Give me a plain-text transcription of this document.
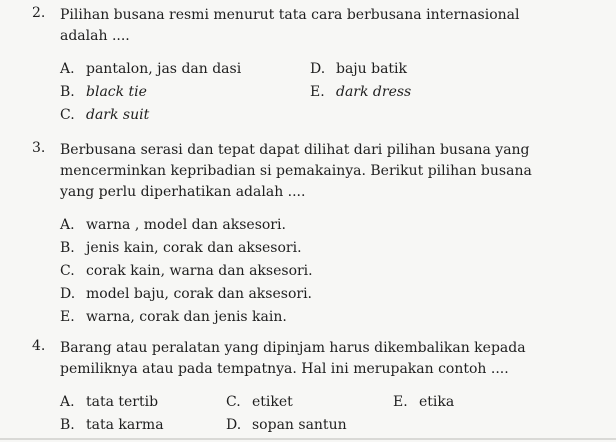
2. Pilihan busana resmi menurut tata cara berbusana internasional
adalah ....
A. pantalon, jas dan dasi	D. baju batik
B. black tie	E. dark dress
C. dark suit
3. Berbusana serasi dan tepat dapat dilihat dari pilihan busana yang
mencerminkan kepribadian si pemakainya. Berikut pilihan busana
yang perlu diperhatikan adalah ....
A. warna , model dan aksesori.
B. jenis kain, corak dan aksesori.
C. corak kain, warna dan aksesori.
D. model baju, corak dan aksesori.
E. warna, corak dan jenis kain.
4. Barang atau peralatan yang dipinjam harus dikembalikan kepada
pemiliknya atau pada tempatnya. Hal ini merupakan contoh ....
A. tata tertib	C. etiket	E. etika
B. tata karma	D. sopan santun
